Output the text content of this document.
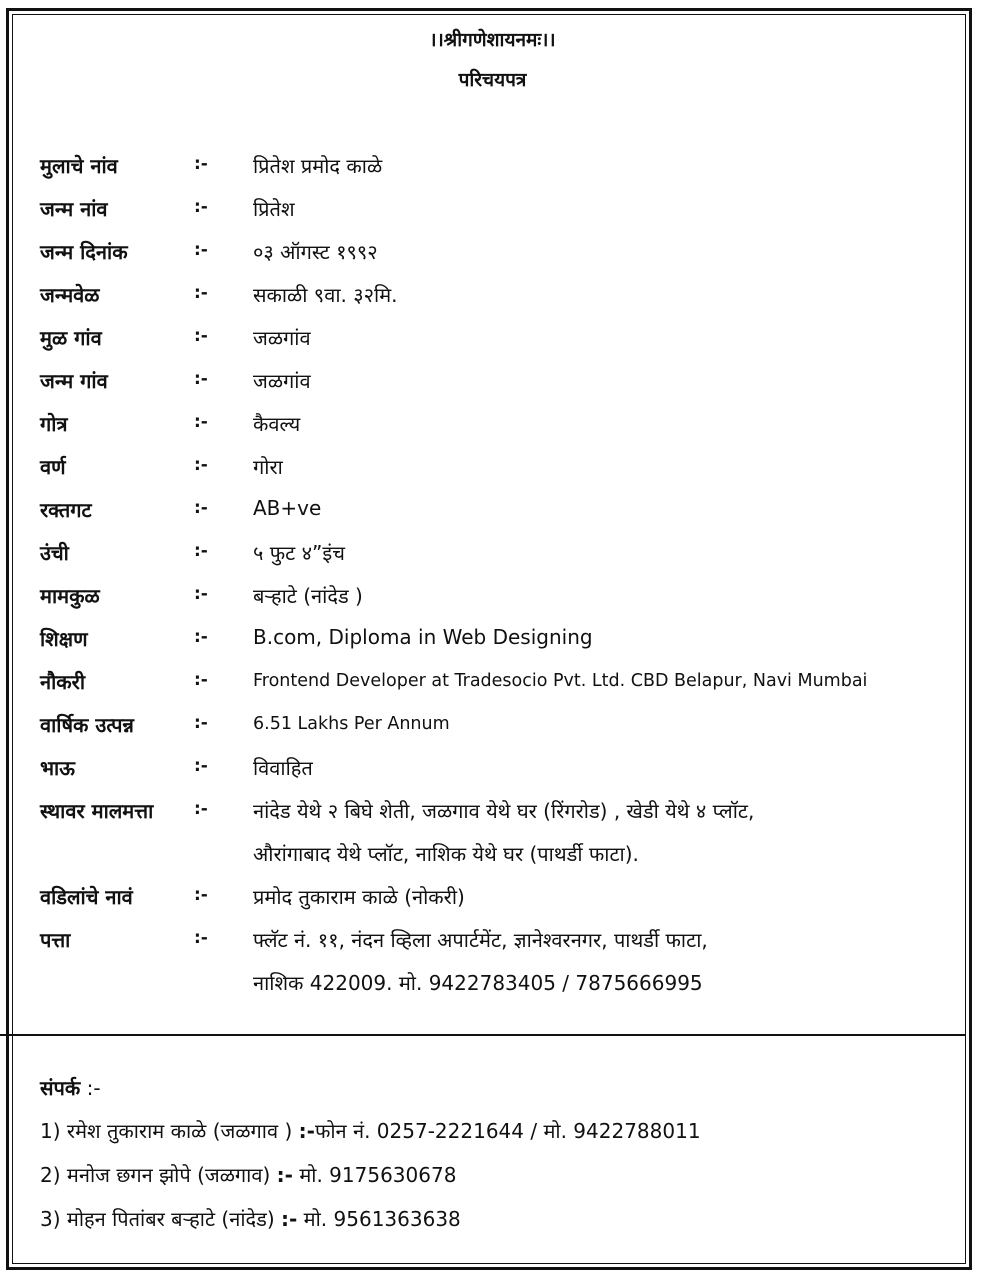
।।श्रीगणेशायनमः।।
परिचयपत्र
मुलाचे नांव	:- प्रितेश प्रमोद काळे
जन्म नांव	:- प्रितेश
जन्म दिनांक	:- ०३ ऑगस्ट १९९२
जन्मवेळ	:- सकाळी ९वा. ३२मि.
मुळ गांव	:- जळगांव
जन्म गांव	:- जळगांव
गोत्र	:- कैवल्य
वर्ण	:- गोरा
रक्तगट	:- AB+ve
उंची	:- ५ फुट ४”इंच
मामकुळ	:- बऱ्हाटे (नांदेड )
शिक्षण	:- B.com, Diploma in Web Designing
नौकरी	:-	Frontend Developer at Tradesocio Pvt. Ltd. CBD Belapur, Navi Mumbai
वार्षिक उत्पन्न	:-	6.51 Lakhs Per Annum
भाऊ	:- विवाहित
स्थावर मालमत्ता :- नांदेड येथे २ बिघे शेती, जळगाव येथे घर (रिंगरोड) , खेडी येथे ४ प्लॉट,
औरांगाबाद येथे प्लॉट, नाशिक येथे घर (पाथर्डी फाटा).
वडिलांचे नावं	:- प्रमोद तुकाराम काळे (नोकरी)
पत्ता	:- फ्लॅट नं. ११, नंदन व्हिला अपार्टमेंट, ज्ञानेश्वरनगर, पाथर्डी फाटा,
नाशिक 422009. मो. 9422783405 / 7875666995
संपर्क :-
1) रमेश तुकाराम काळे (जळगाव ) :-फोन नं. 0257-2221644 / मो. 9422788011
2) मनोज छगन झोपे (जळगाव) :- मो. 9175630678
3) मोहन पितांबर बऱ्हाटे (नांदेड) :- मो. 9561363638
